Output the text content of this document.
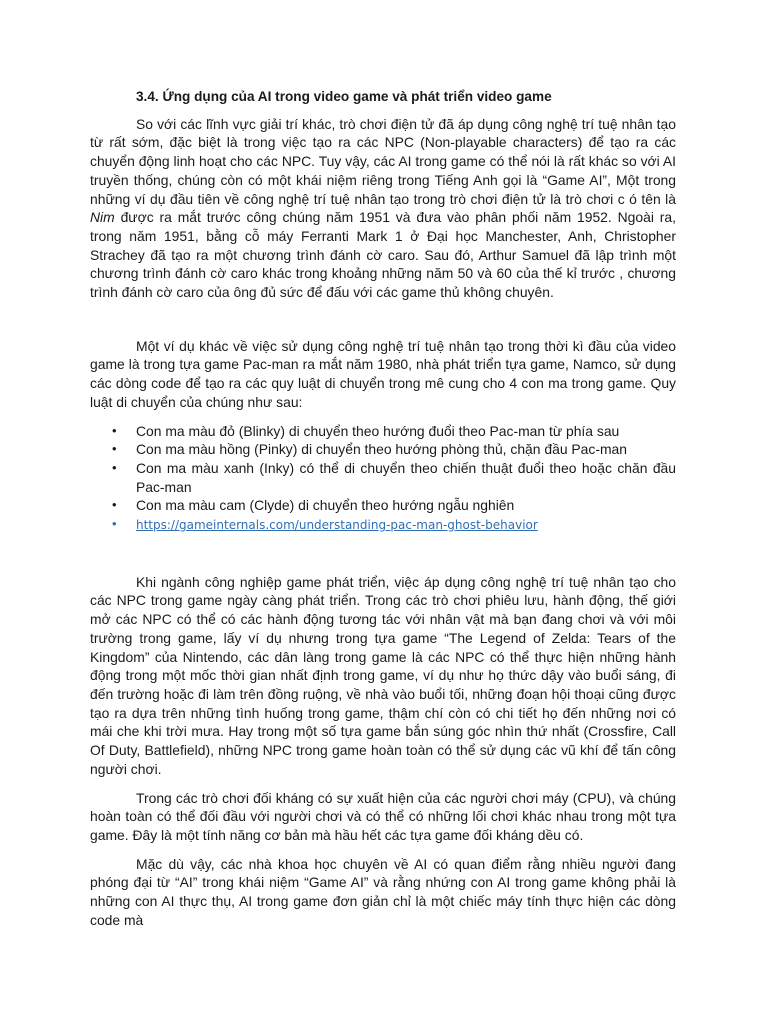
3.4. Ứng dụng của AI trong video game và phát triển video game

So với các lĩnh vực giải trí khác, trò chơi điện tử đã áp dụng công nghệ trí tuệ nhân tạo từ rất sớm, đặc biệt là trong việc tạo ra các NPC (Non-playable characters) để tạo ra các chuyển động linh hoạt cho các NPC. Tuy vậy, các AI trong game có thể nói là rất khác so với AI truyền thống, chúng còn có một khái niệm riêng trong Tiếng Anh gọi là “Game AI”, Một trong những ví dụ đầu tiên về công nghệ trí tuệ nhân tạo trong trò chơi điện tử là trò chơi c ó tên là Nim được ra mắt trước công chúng năm 1951 và đưa vào phân phối năm 1952. Ngoài ra, trong năm 1951, bằng cỗ máy Ferranti Mark 1 ở Đại học Manchester, Anh, Christopher Strachey đã tạo ra một chương trình đánh cờ caro. Sau đó, Arthur Samuel đã lập trình một chương trình đánh cờ caro khác trong khoảng những năm 50 và 60 của thế kỉ trước , chương trình đánh cờ caro của ông đủ sức để đấu với các game thủ không chuyên.

Một ví dụ khác về việc sử dụng công nghệ trí tuệ nhân tạo trong thời kì đầu của video game là trong tựa game Pac-man ra mắt năm 1980, nhà phát triển tựa game, Namco, sử dụng các dòng code để tạo ra các quy luật di chuyển trong mê cung cho 4 con ma trong game. Quy luật di chuyển của chúng như sau:

• Con ma màu đỏ (Blinky) di chuyển theo hướng đuổi theo Pac-man từ phía sau
• Con ma màu hồng (Pinky) di chuyển theo hướng phòng thủ, chặn đầu Pac-man
• Con ma màu xanh (Inky) có thể di chuyển theo chiến thuật đuổi theo hoặc chăn đầu Pac-man
• Con ma màu cam (Clyde) di chuyển theo hướng ngẫu nghiên
• https://gameinternals.com/understanding-pac-man-ghost-behavior

Khi ngành công nghiệp game phát triển, việc áp dụng công nghệ trí tuệ nhân tạo cho các NPC trong game ngày càng phát triển. Trong các trò chơi phiêu lưu, hành động, thế giới mở các NPC có thể có các hành động tương tác với nhân vật mà bạn đang chơi và với môi trường trong game, lấy ví dụ nhưng trong tựa game “The Legend of Zelda: Tears of the Kingdom” của Nintendo, các dân làng trong game là các NPC có thể thực hiện những hành động trong một mốc thời gian nhất định trong game, ví dụ như họ thức dậy vào buổi sáng, đi đến trường hoặc đi làm trên đồng ruộng, về nhà vào buổi tối, những đoạn hội thoại cũng được tạo ra dựa trên những tình huống trong game, thậm chí còn có chi tiết họ đến những nơi có mái che khi trời mưa. Hay trong một số tựa game bắn súng góc nhìn thứ nhất (Crossfire, Call Of Duty, Battlefield), những NPC trong game hoàn toàn có thể sử dụng các vũ khí để tấn công người chơi.

Trong các trò chơi đối kháng có sự xuất hiện của các người chơi máy (CPU), và chúng hoàn toàn có thể đối đầu với người chơi và có thể có những lối chơi khác nhau trong một tựa game. Đây là một tính năng cơ bản mà hầu hết các tựa game đối kháng dều có.

Mặc dù vậy, các nhà khoa học chuyên về AI có quan điểm rằng nhiều người đang phóng đại từ “AI” trong khái niệm “Game AI” và rằng nhứng con AI trong game không phải là những con AI thực thụ, AI trong game đơn giản chỉ là một chiếc máy tính thực hiện các dòng code mà
